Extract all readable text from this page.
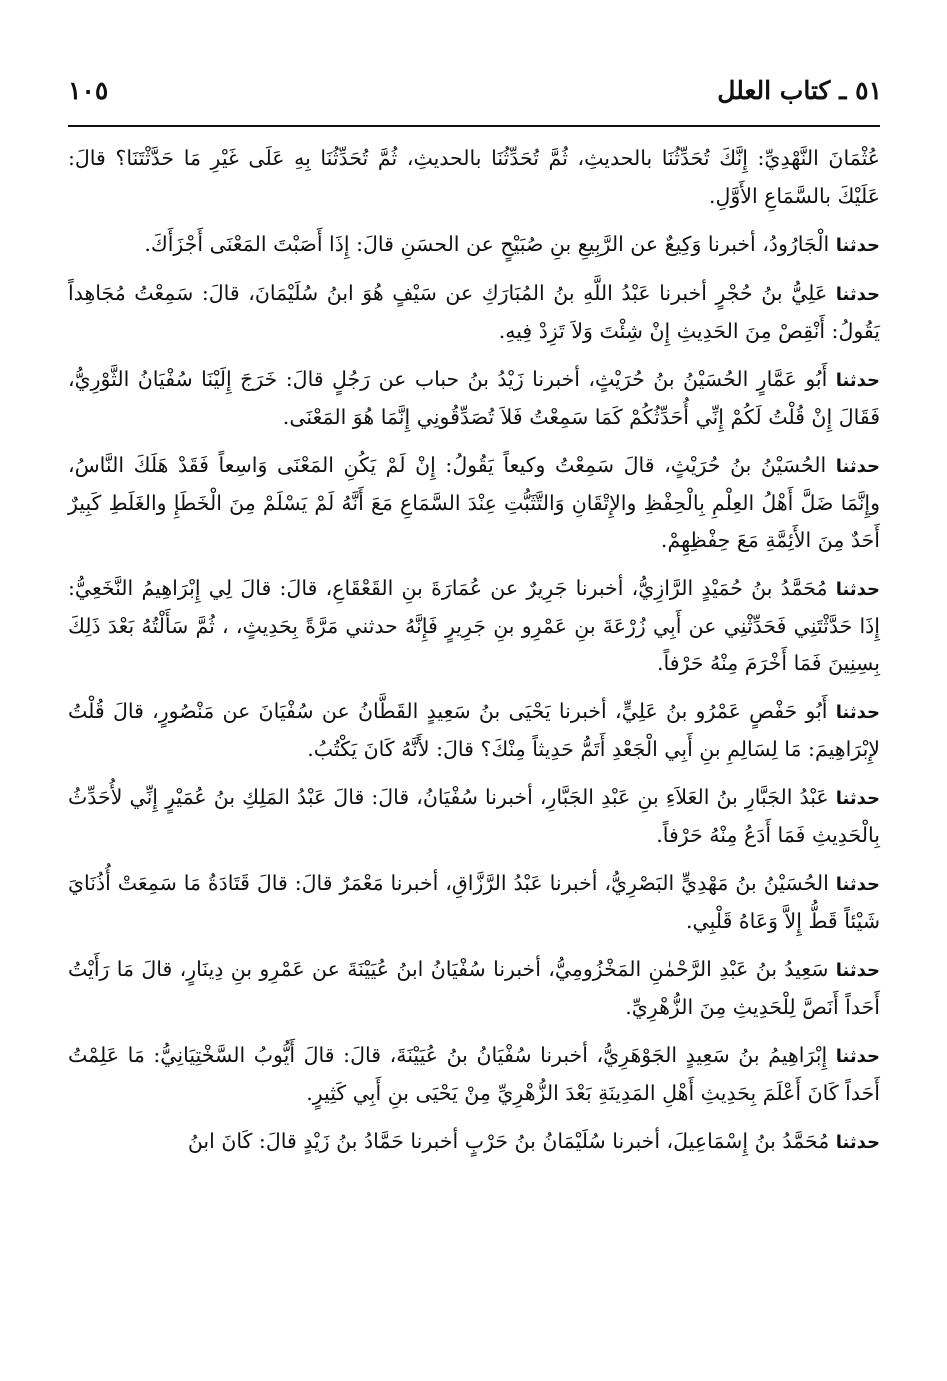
٥١ ـ كتاب العلل
١٠٥

عُثْمَانَ النَّهْدِيِّ: إِنَّكَ تُحَدِّثُنَا بالحديثِ، ثُمَّ تُحَدِّثُنَا بالحديثِ، ثُمَّ تُحَدِّثُنَا بِهِ عَلَى غَيْرِ مَا حَدَّثْتَنَا؟ قالَ: عَلَيْكَ بالسَّمَاعِ الأَوَّلِ.

حدثنا الْجَارُودُ، أخبرنا وَكِيعٌ عن الرَّبِيعِ بنِ صُبَيْحٍ عن الحسَنِ قالَ: إِذَا أَصَبْتَ المَعْنَى أَجْزَأَكَ.

حدثنا عَلِيُّ بنُ حُجْرٍ أخبرنا عَبْدُ اللَّهِ بنُ المُبَارَكِ عن سَيْفٍ هُوَ ابنُ سُلَيْمَانَ، قالَ: سَمِعْتُ مُجَاهِداً يَقُولُ: أَنْقِصْ مِنَ الحَدِيثِ إِنْ شِئْتَ وَلاَ تَزِدْ فِيهِ.

حدثنا أَبُو عَمَّارٍ الحُسَيْنُ بنُ حُرَيْثٍ، أخبرنا زَيْدُ بنُ حباب عن رَجُلٍ قالَ: خَرَجَ إِلَيْنَا سُفْيَانُ الثَّوْرِيُّ، فَقَالَ إِنْ قُلْتُ لَكُمْ إِنِّي أُحَدِّثُكُمْ كَمَا سَمِعْتُ فَلاَ تُصَدِّقُونِي إِنَّمَا هُوَ المَعْنَى.

حدثنا الحُسَيْنُ بنُ حُرَيْثٍ، قالَ سَمِعْتُ وكيعاً يَقُولُ: إِنْ لَمْ يَكُنِ المَعْنَى وَاسِعاً فَقَدْ هَلَكَ النَّاسُ، وإِنَّمَا ضَلَّ أَهْلُ العِلْمِ بِالْحِفْظِ والإِتْقَانِ وَالتَّثَبُّتِ عِنْدَ السَّمَاعِ مَعَ أَنَّهُ لَمْ يَسْلَمْ مِنَ الْخَطَإِ والغَلَطِ كَبِيرٌ أَحَدٌ مِنَ الأَئِمَّةِ مَعَ حِفْظِهِمْ.

حدثنا مُحَمَّدُ بنُ حُمَيْدٍ الرَّازِيُّ، أخبرنا جَرِيرٌ عن عُمَارَةَ بنِ القَعْقَاعِ، قالَ: قالَ لِي إِبْرَاهِيمُ النَّخَعِيُّ: إِذَا حَدَّثْتَنِي فَحَدِّثْنِي عن أَبِي زُرْعَةَ بنِ عَمْرِو بنِ جَرِيرٍ فَإِنَّهُ حدثني مَرَّةً بِحَدِيثٍ، ، ثُمَّ سَأَلْتُهُ بَعْدَ ذَلِكَ بِسِنِينَ فَمَا أَخْرَمَ مِنْهُ حَرْفاً.

حدثنا أَبُو حَفْصٍ عَمْرُو بنُ عَلِيٍّ، أخبرنا يَحْيَى بنُ سَعِيدٍ القَطَّانُ عن سُفْيَانَ عن مَنْصُورٍ، قالَ قُلْتُ لإِبْرَاهِيمَ: مَا لِسَالِمِ بنِ أَبِي الْجَعْدِ أَتَمُّ حَدِيثاً مِنْكَ؟ قالَ: لأَنَّهُ كَانَ يَكْتُبُ.

حدثنا عَبْدُ الجَبَّارِ بنُ العَلاَءِ بنِ عَبْدِ الجَبَّارِ، أخبرنا سُفْيَانُ، قالَ: قالَ عَبْدُ المَلِكِ بنُ عُمَيْرٍ إِنِّي لأُحَدِّثُ بِالْحَدِيثِ فَمَا أَدَعُ مِنْهُ حَرْفاً.

حدثنا الحُسَيْنُ بنُ مَهْدِيٍّ البَصْرِيُّ، أخبرنا عَبْدُ الرَّزَّاقِ، أخبرنا مَعْمَرٌ قالَ: قالَ قَتَادَةُ مَا سَمِعَتْ أُذُنَايَ شَيْئاً قَطُّ إِلاَّ وَعَاهُ قَلْبِي.

حدثنا سَعِيدُ بنُ عَبْدِ الرَّحْمٰنِ المَخْزُومِيُّ، أخبرنا سُفْيَانُ ابنُ عُيَيْنَةَ عن عَمْرِو بنِ دِينَارٍ، قالَ مَا رَأَيْتُ أَحَداً أَنَصَّ لِلْحَدِيثِ مِنَ الزُّهْرِيِّ.

حدثنا إِبْرَاهِيمُ بنُ سَعِيدٍ الجَوْهَرِيُّ، أخبرنا سُفْيَانُ بنُ عُيَيْنَةَ، قالَ: قالَ أَيُّوبُ السَّخْتِيَانِيُّ: مَا عَلِمْتُ أَحَداً كَانَ أَعْلَمَ بِحَدِيثِ أَهْلِ المَدِينَةِ بَعْدَ الزُّهْرِيِّ مِنْ يَحْيَى بنِ أَبِي كَثِيرٍ.

حدثنا مُحَمَّدُ بنُ إِسْمَاعِيلَ، أخبرنا سُلَيْمَانُ بنُ حَرْبٍ أخبرنا حَمَّادُ بنُ زَيْدٍ قالَ: كَانَ ابنُ
